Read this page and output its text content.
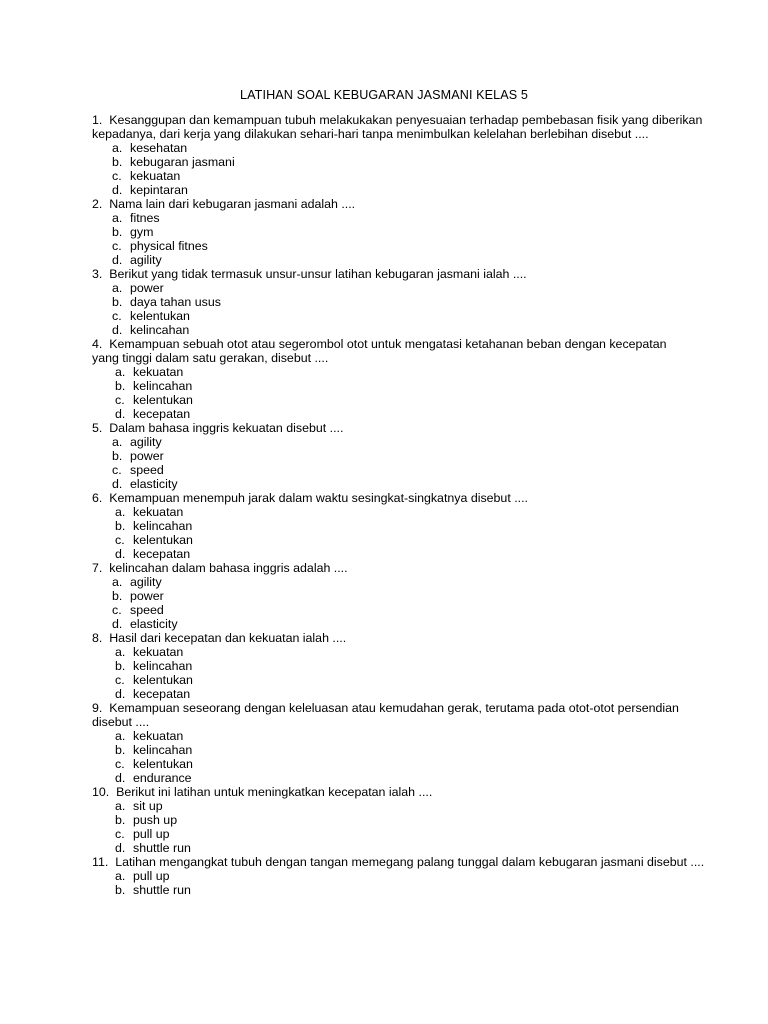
LATIHAN SOAL KEBUGARAN JASMANI KELAS 5
1. Kesanggupan dan kemampuan tubuh melakukakan penyesuaian terhadap pembebasan fisik yang diberikan kepadanya, dari kerja yang dilakukan sehari-hari tanpa menimbulkan kelelahan berlebihan disebut ....
a. kesehatan
b. kebugaran jasmani
c. kekuatan
d. kepintaran
2. Nama lain dari kebugaran jasmani adalah ....
a. fitnes
b. gym
c. physical fitnes
d. agility
3. Berikut yang tidak termasuk unsur-unsur latihan kebugaran jasmani ialah ....
a. power
b. daya tahan usus
c. kelentukan
d. kelincahan
4. Kemampuan sebuah otot atau segerombol otot untuk mengatasi ketahanan beban dengan kecepatan       yang tinggi dalam satu gerakan, disebut ....
a. kekuatan
b. kelincahan
c. kelentukan
d. kecepatan
5. Dalam bahasa inggris kekuatan disebut ....
a. agility
b. power
c. speed
d. elasticity
6. Kemampuan menempuh jarak dalam waktu sesingkat-singkatnya disebut ....
a. kekuatan
b. kelincahan
c. kelentukan
d. kecepatan
7. kelincahan dalam bahasa inggris adalah ....
a. agility
b. power
c. speed
d. elasticity
8. Hasil dari kecepatan dan kekuatan ialah ....
a. kekuatan
b. kelincahan
c. kelentukan
d. kecepatan
9. Kemampuan seseorang dengan keleluasan atau kemudahan gerak, terutama pada otot-otot persendian disebut ....
a. kekuatan
b. kelincahan
c. kelentukan
d. endurance
10. Berikut ini latihan untuk meningkatkan kecepatan ialah ....
a. sit up
b. push up
c. pull up
d. shuttle run
11. Latihan mengangkat tubuh dengan tangan memegang palang tunggal dalam kebugaran jasmani disebut ....
a. pull up
b. shuttle run
